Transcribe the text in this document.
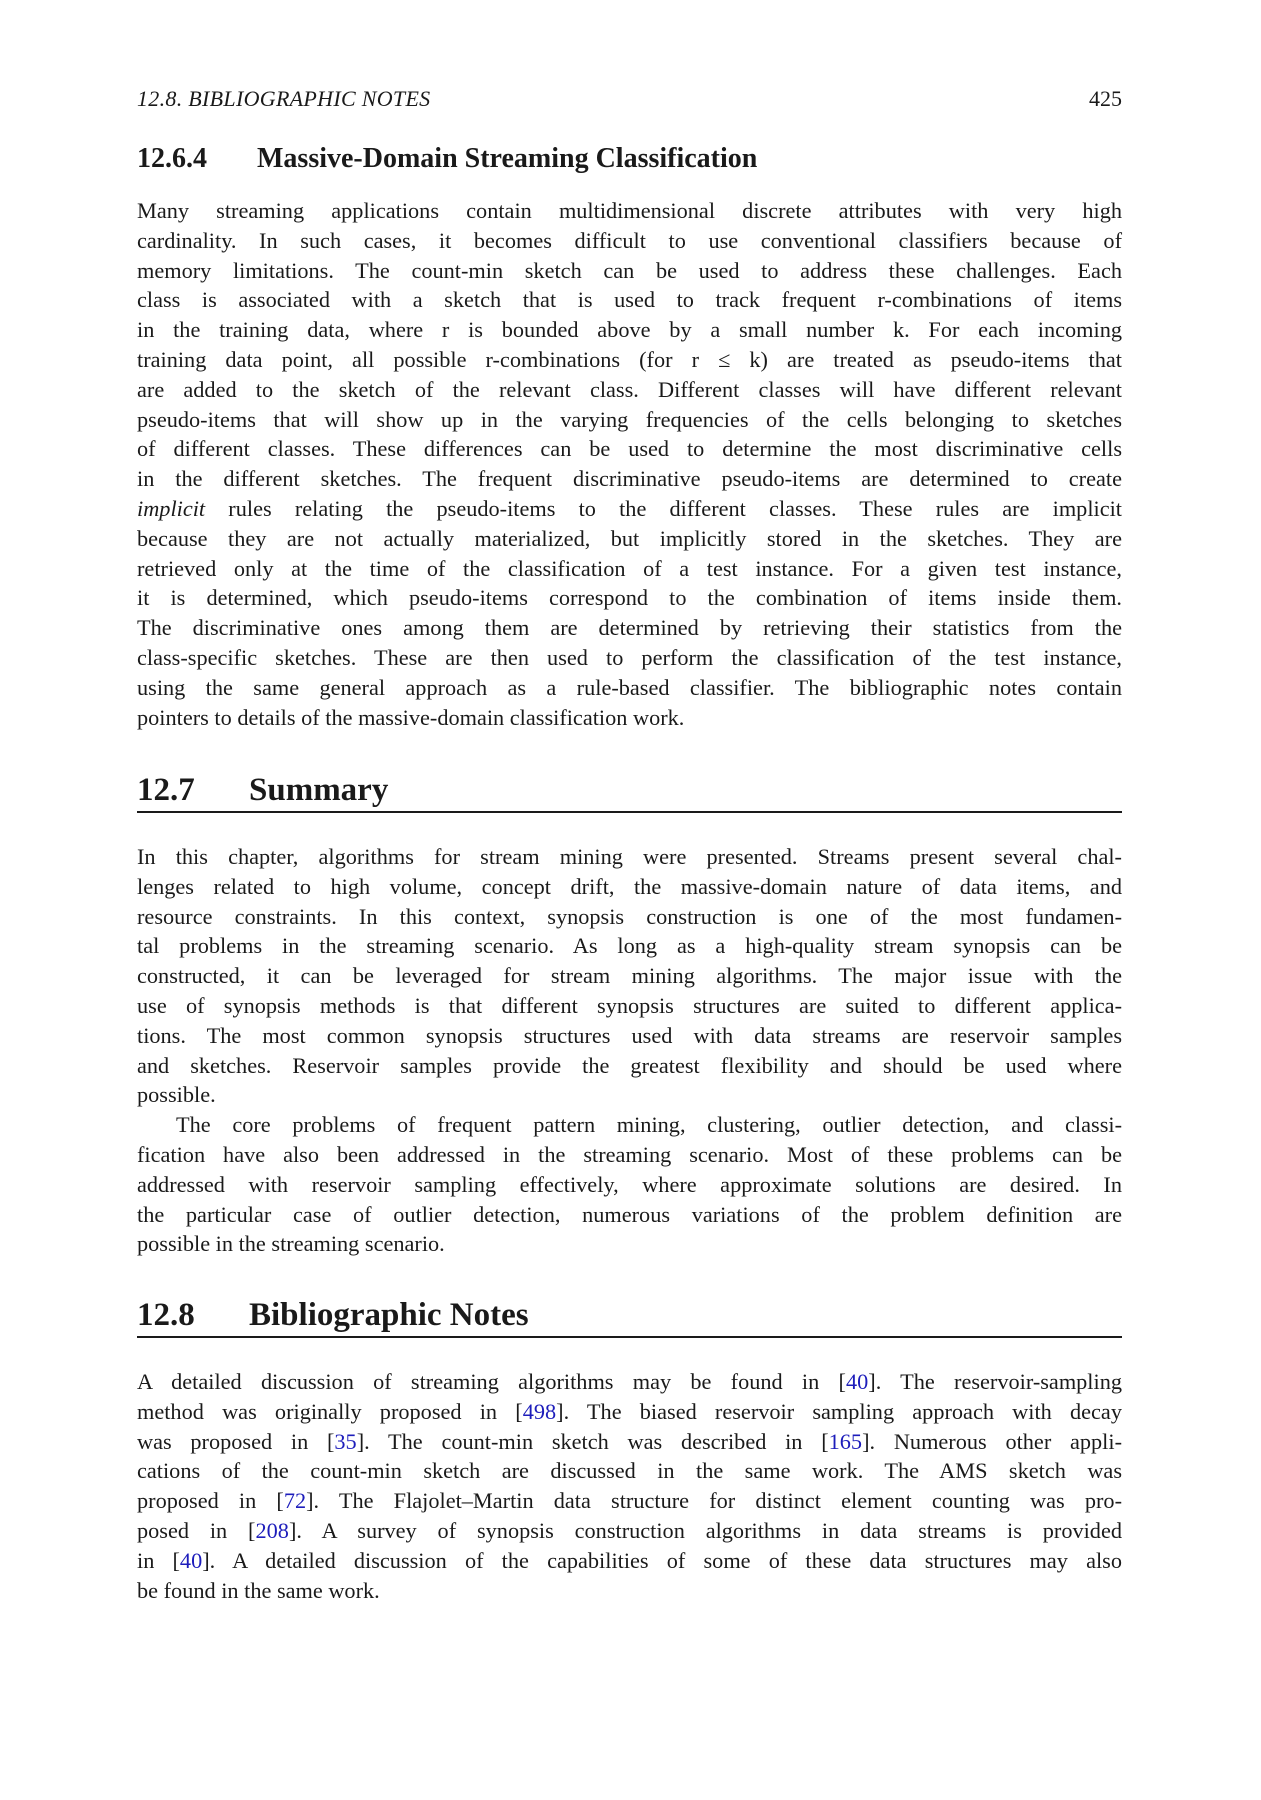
12.8. BIBLIOGRAPHIC NOTES	425
12.6.4 Massive-Domain Streaming Classification

Many streaming applications contain multidimensional discrete attributes with very high
cardinality. In such cases, it becomes difficult to use conventional classifiers because of
memory limitations. The count-min sketch can be used to address these challenges. Each
class is associated with a sketch that is used to track frequent r-combinations of items
in the training data, where r is bounded above by a small number k. For each incoming
training data point, all possible r-combinations (for r ≤ k) are treated as pseudo-items that
are added to the sketch of the relevant class. Different classes will have different relevant
pseudo-items that will show up in the varying frequencies of the cells belonging to sketches
of different classes. These differences can be used to determine the most discriminative cells
in the different sketches. The frequent discriminative pseudo-items are determined to create
implicit rules relating the pseudo-items to the different classes. These rules are implicit
because they are not actually materialized, but implicitly stored in the sketches. They are
retrieved only at the time of the classification of a test instance. For a given test instance,
it is determined, which pseudo-items correspond to the combination of items inside them.
The discriminative ones among them are determined by retrieving their statistics from the
class-specific sketches. These are then used to perform the classification of the test instance,
using the same general approach as a rule-based classifier. The bibliographic notes contain
pointers to details of the massive-domain classification work.

12.7 Summary

In this chapter, algorithms for stream mining were presented. Streams present several chal-
lenges related to high volume, concept drift, the massive-domain nature of data items, and
resource constraints. In this context, synopsis construction is one of the most fundamen-
tal problems in the streaming scenario. As long as a high-quality stream synopsis can be
constructed, it can be leveraged for stream mining algorithms. The major issue with the
use of synopsis methods is that different synopsis structures are suited to different applica-
tions. The most common synopsis structures used with data streams are reservoir samples
and sketches. Reservoir samples provide the greatest flexibility and should be used where
possible.

The core problems of frequent pattern mining, clustering, outlier detection, and classi-
fication have also been addressed in the streaming scenario. Most of these problems can be
addressed with reservoir sampling effectively, where approximate solutions are desired. In
the particular case of outlier detection, numerous variations of the problem definition are
possible in the streaming scenario.

12.8 Bibliographic Notes

A detailed discussion of streaming algorithms may be found in [40]. The reservoir-sampling
method was originally proposed in [498]. The biased reservoir sampling approach with decay
was proposed in [35]. The count-min sketch was described in [165]. Numerous other appli-
cations of the count-min sketch are discussed in the same work. The AMS sketch was
proposed in [72]. The Flajolet–Martin data structure for distinct element counting was pro-
posed in [208]. A survey of synopsis construction algorithms in data streams is provided
in [40]. A detailed discussion of the capabilities of some of these data structures may also
be found in the same work.
